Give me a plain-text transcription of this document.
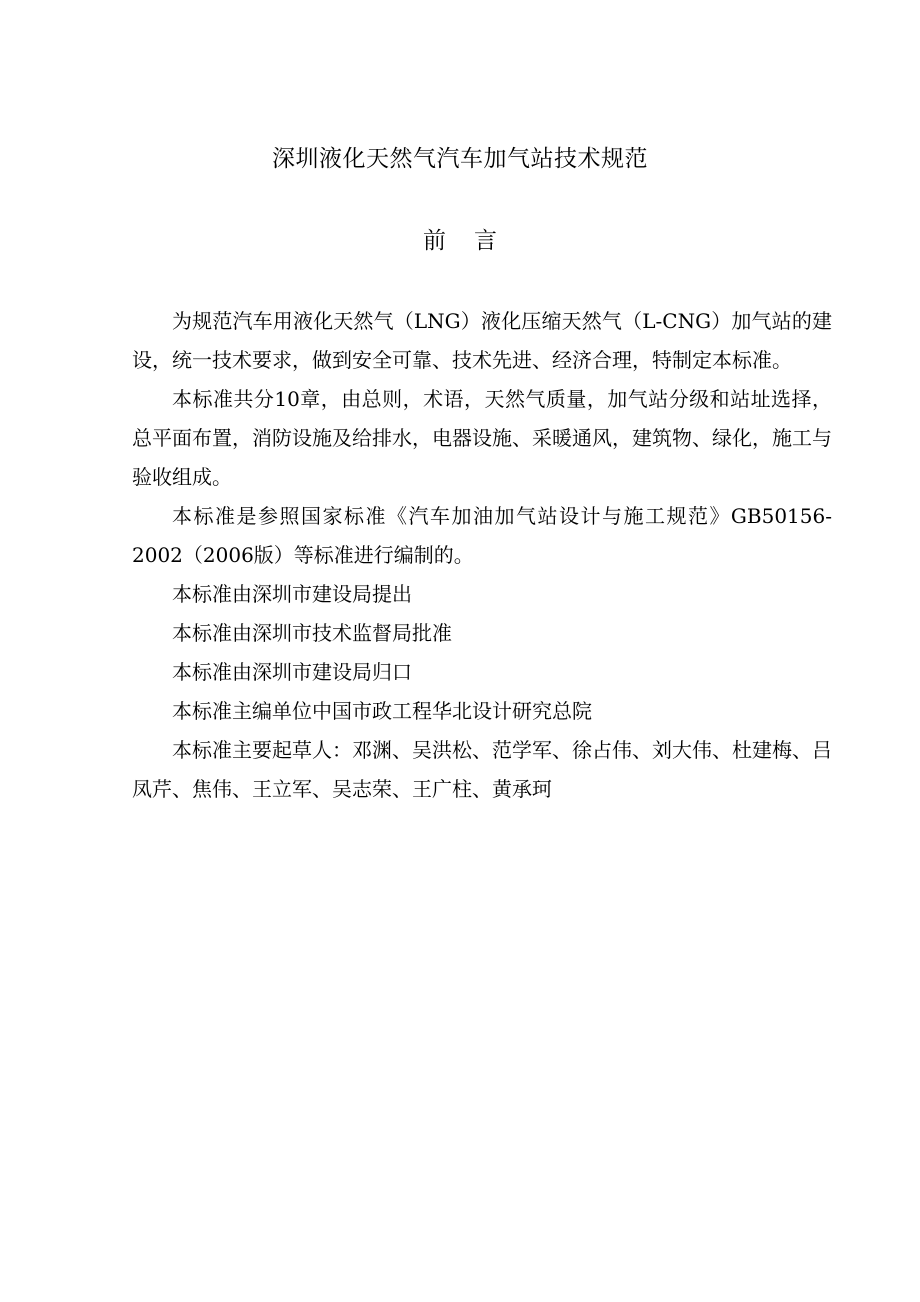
深圳液化天然气汽车加气站技术规范
前言

为规范汽车用液化天然气（LNG）液化压缩天然气（L-CNG）加气站的建设，统一技术要求，做到安全可靠、技术先进、经济合理，特制定本标准。

本标准共分10章，由总则，术语，天然气质量，加气站分级和站址选择，总平面布置，消防设施及给排水，电器设施、采暖通风，建筑物、绿化，施工与验收组成。

本标准是参照国家标准《汽车加油加气站设计与施工规范》GB50156-2002（2006版）等标准进行编制的。

本标准由深圳市建设局提出

本标准由深圳市技术监督局批准

本标准由深圳市建设局归口

本标准主编单位中国市政工程华北设计研究总院

本标准主要起草人：邓渊、吴洪松、范学军、徐占伟、刘大伟、杜建梅、吕凤芹、焦伟、王立军、吴志荣、王广柱、黄承珂
